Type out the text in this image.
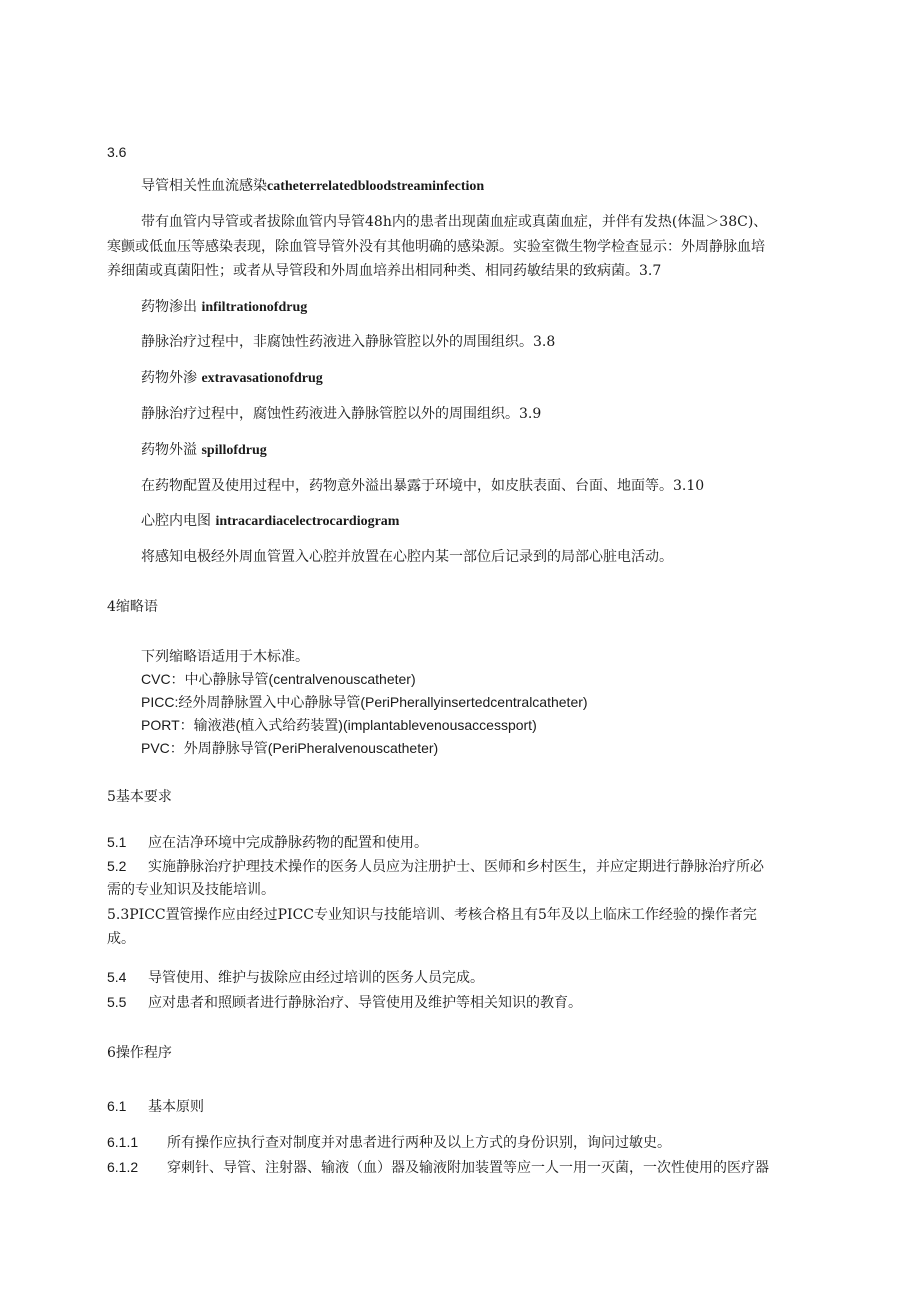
3.6
导管相关性血流感染catheterrelatedbloodstreaminfection
带有血管内导管或者拔除血管内导管48h内的患者出现菌血症或真菌血症，并伴有发热(体温＞38C)、
寒颤或低血压等感染表现，除血管导管外没有其他明确的感染源。实验室微生物学检查显示：外周静脉血培
养细菌或真菌阳性；或者从导管段和外周血培养出相同种类、相同药敏结果的致病菌。3.7
药物渗出 infiltrationofdrug
静脉治疗过程中，非腐蚀性药液进入静脉管腔以外的周围组织。3.8
药物外渗 extravasationofdrug
静脉治疗过程中，腐蚀性药液进入静脉管腔以外的周围组织。3.9
药物外溢 spillofdrug
在药物配置及使用过程中，药物意外溢出暴露于环境中，如皮肤表面、台面、地面等。3.10
心腔内电图 intracardiacelectrocardiogram
将感知电极经外周血管置入心腔并放置在心腔内某一部位后记录到的局部心脏电活动。
4缩略语
下列缩略语适用于木标准。
CVC：中心静脉导管(centralvenouscatheter)
PICC:经外周静脉置入中心静脉导管(PeriPherallyinsertedcentralcatheter)
PORT：输液港(植入式给药装置)(implantablevenousaccessport)
PVC：外周静脉导管(PeriPheralvenouscatheter)
5基本要求
5.1 应在洁净环境中完成静脉药物的配置和使用。
5.2 实施静脉治疗护理技术操作的医务人员应为注册护士、医师和乡村医生，并应定期进行静脉治疗所必
需的专业知识及技能培训。
5.3PICC置管操作应由经过PICC专业知识与技能培训、考核合格且有5年及以上临床工作经验的操作者完
成。
5.4 导管使用、维护与拔除应由经过培训的医务人员完成。
5.5 应对患者和照顾者进行静脉治疗、导管使用及维护等相关知识的教育。
6操作程序
6.1 基本原则
6.1.1 所有操作应执行查对制度并对患者进行两种及以上方式的身份识别，询问过敏史。
6.1.2 穿刺针、导管、注射器、输液（血）器及输液附加装置等应一人一用一灭菌，一次性使用的医疗器
